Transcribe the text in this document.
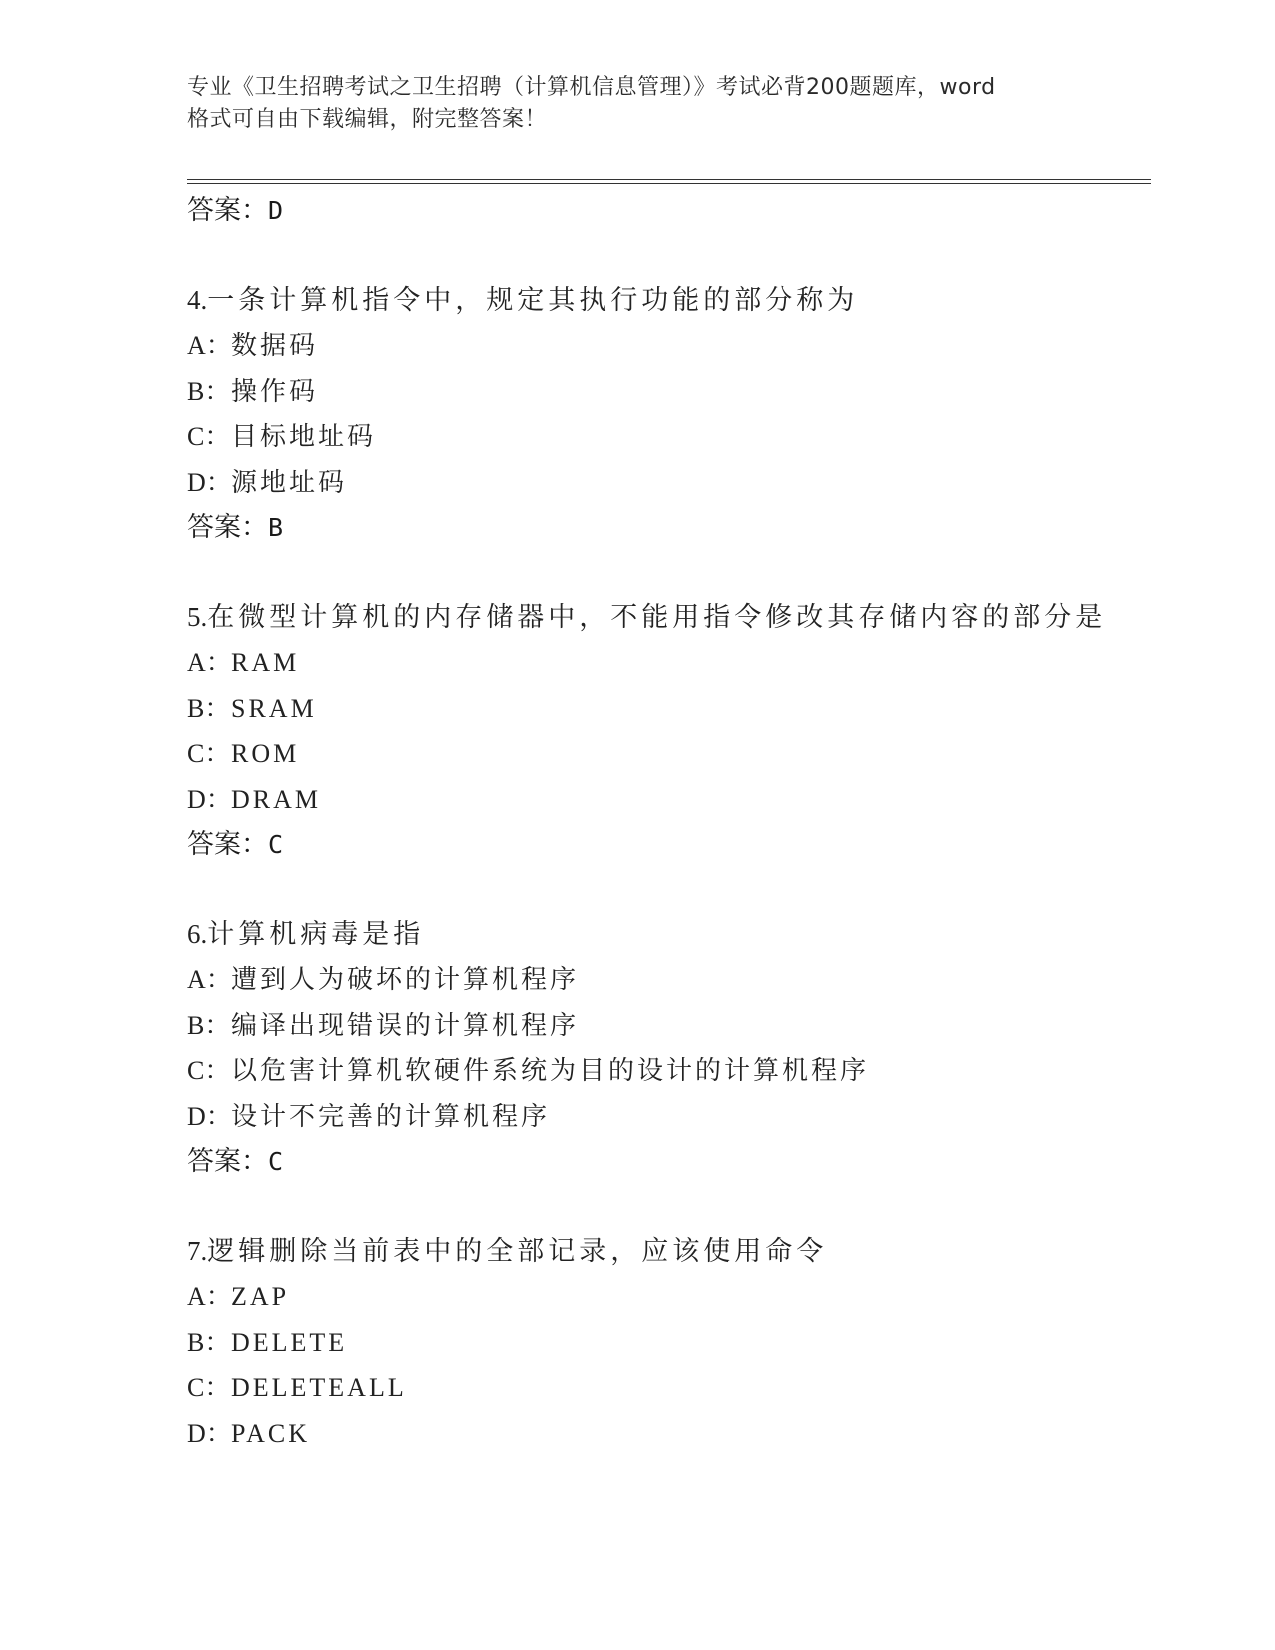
专业《卫生招聘考试之卫生招聘（计算机信息管理）》考试必背200题题库，word
格式可自由下载编辑，附完整答案！
答案：D
4.一条计算机指令中，规定其执行功能的部分称为
A：数据码
B：操作码
C：目标地址码
D：源地址码
答案：B
5.在微型计算机的内存储器中，不能用指令修改其存储内容的部分是
A：RAM
B：SRAM
C：ROM
D：DRAM
答案：C
6.计算机病毒是指
A：遭到人为破坏的计算机程序
B：编译出现错误的计算机程序
C：以危害计算机软硬件系统为目的设计的计算机程序
D：设计不完善的计算机程序
答案：C
7.逻辑删除当前表中的全部记录，应该使用命令
A：ZAP
B：DELETE
C：DELETEALL
D：PACK
